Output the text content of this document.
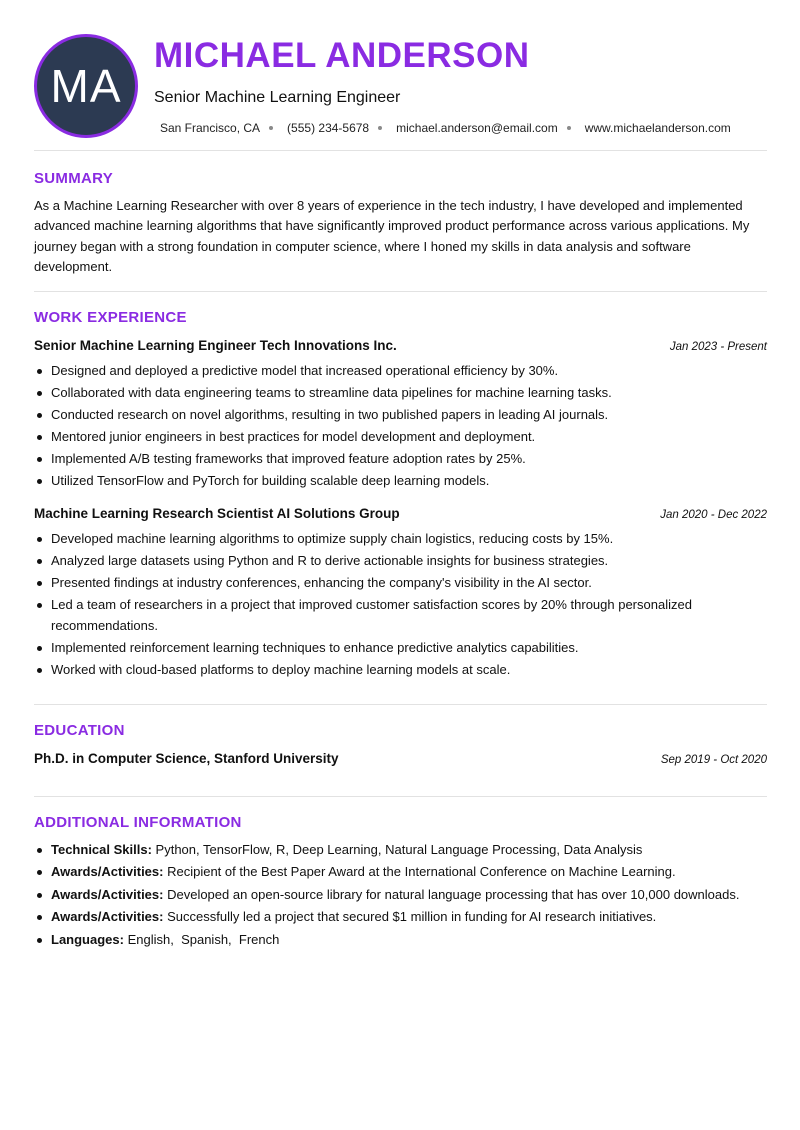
MA
MICHAEL ANDERSON
Senior Machine Learning Engineer
San Francisco, CA (555) 234-5678 michael.anderson@email.com www.michaelanderson.com
SUMMARY
As a Machine Learning Researcher with over 8 years of experience in the tech industry, I have developed and implemented advanced machine learning algorithms that have significantly improved product performance across various applications. My journey began with a strong foundation in computer science, where I honed my skills in data analysis and software development.
WORK EXPERIENCE
Senior Machine Learning Engineer Tech Innovations Inc.	Jan 2023 - Present
Designed and deployed a predictive model that increased operational efficiency by 30%.
Collaborated with data engineering teams to streamline data pipelines for machine learning tasks.
Conducted research on novel algorithms, resulting in two published papers in leading AI journals.
Mentored junior engineers in best practices for model development and deployment.
Implemented A/B testing frameworks that improved feature adoption rates by 25%.
Utilized TensorFlow and PyTorch for building scalable deep learning models.
Machine Learning Research Scientist AI Solutions Group	Jan 2020 - Dec 2022
Developed machine learning algorithms to optimize supply chain logistics, reducing costs by 15%.
Analyzed large datasets using Python and R to derive actionable insights for business strategies.
Presented findings at industry conferences, enhancing the company's visibility in the AI sector.
Led a team of researchers in a project that improved customer satisfaction scores by 20% through personalized recommendations.
Implemented reinforcement learning techniques to enhance predictive analytics capabilities.
Worked with cloud-based platforms to deploy machine learning models at scale.
EDUCATION
Ph.D. in Computer Science, Stanford University	Sep 2019 - Oct 2020
ADDITIONAL INFORMATION
Technical Skills: Python, TensorFlow, R, Deep Learning, Natural Language Processing, Data Analysis
Awards/Activities: Recipient of the Best Paper Award at the International Conference on Machine Learning.
Awards/Activities: Developed an open-source library for natural language processing that has over 10,000 downloads.
Awards/Activities: Successfully led a project that secured $1 million in funding for AI research initiatives.
Languages: English,  Spanish,  French
